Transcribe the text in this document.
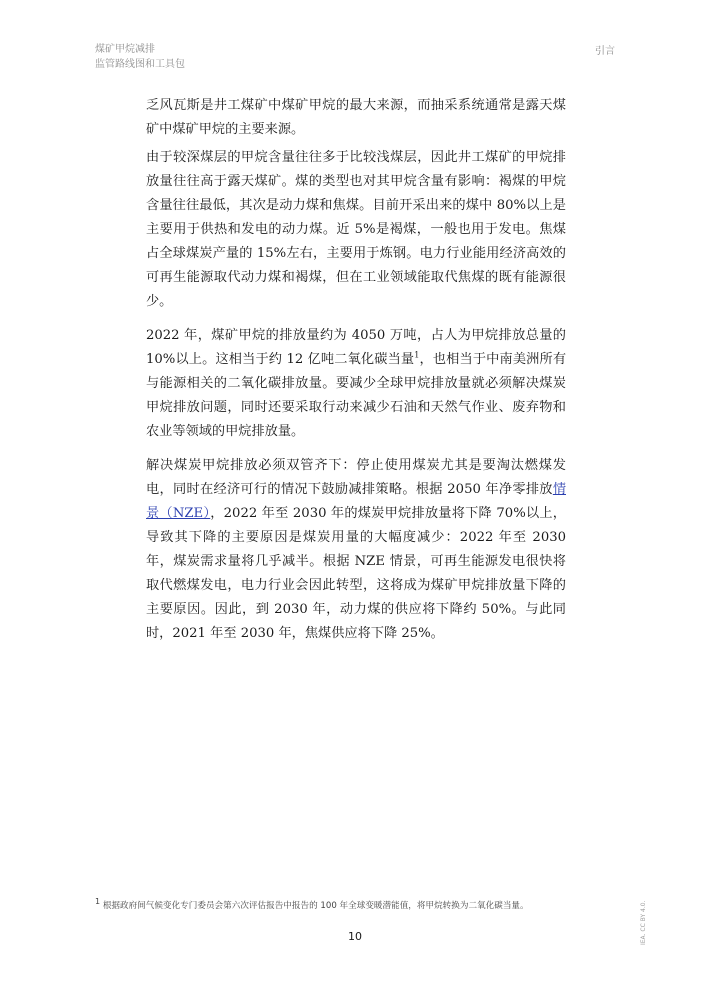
煤矿甲烷减排
监管路线图和工具包
引言

乏风瓦斯是井工煤矿中煤矿甲烷的最大来源，而抽采系统通常是露天煤矿中煤矿甲烷的主要来源。

由于较深煤层的甲烷含量往往多于比较浅煤层，因此井工煤矿的甲烷排放量往往高于露天煤矿。煤的类型也对其甲烷含量有影响：褐煤的甲烷含量往往最低，其次是动力煤和焦煤。目前开采出来的煤中 80%以上是主要用于供热和发电的动力煤。近 5%是褐煤，一般也用于发电。焦煤占全球煤炭产量的 15%左右，主要用于炼钢。电力行业能用经济高效的可再生能源取代动力煤和褐煤，但在工业领域能取代焦煤的既有能源很少。

2022 年，煤矿甲烷的排放量约为 4050 万吨，占人为甲烷排放总量的 10%以上。这相当于约 12 亿吨二氧化碳当量$^1$，也相当于中南美洲所有与能源相关的二氧化碳排放量。要减少全球甲烷排放量就必须解决煤炭甲烷排放问题，同时还要采取行动来减少石油和天然气作业、废弃物和农业等领域的甲烷排放量。

解决煤炭甲烷排放必须双管齐下：停止使用煤炭尤其是要淘汰燃煤发电，同时在经济可行的情况下鼓励减排策略。根据 2050 年净零排放情景（NZE），2022 年至 2030 年的煤炭甲烷排放量将下降 70%以上，导致其下降的主要原因是煤炭用量的大幅度减少：2022 年至 2030 年，煤炭需求量将几乎减半。根据 NZE 情景，可再生能源发电很快将取代燃煤发电，电力行业会因此转型，这将成为煤矿甲烷排放量下降的主要原因。因此，到 2030 年，动力煤的供应将下降约 50%。与此同时，2021 年至 2030 年，焦煤供应将下降 25%。

$^1$ 根据政府间气候变化专门委员会第六次评估报告中报告的 100 年全球变暖潜能值，将甲烷转换为二氧化碳当量。
10	IEA. CC BY 4.0.
